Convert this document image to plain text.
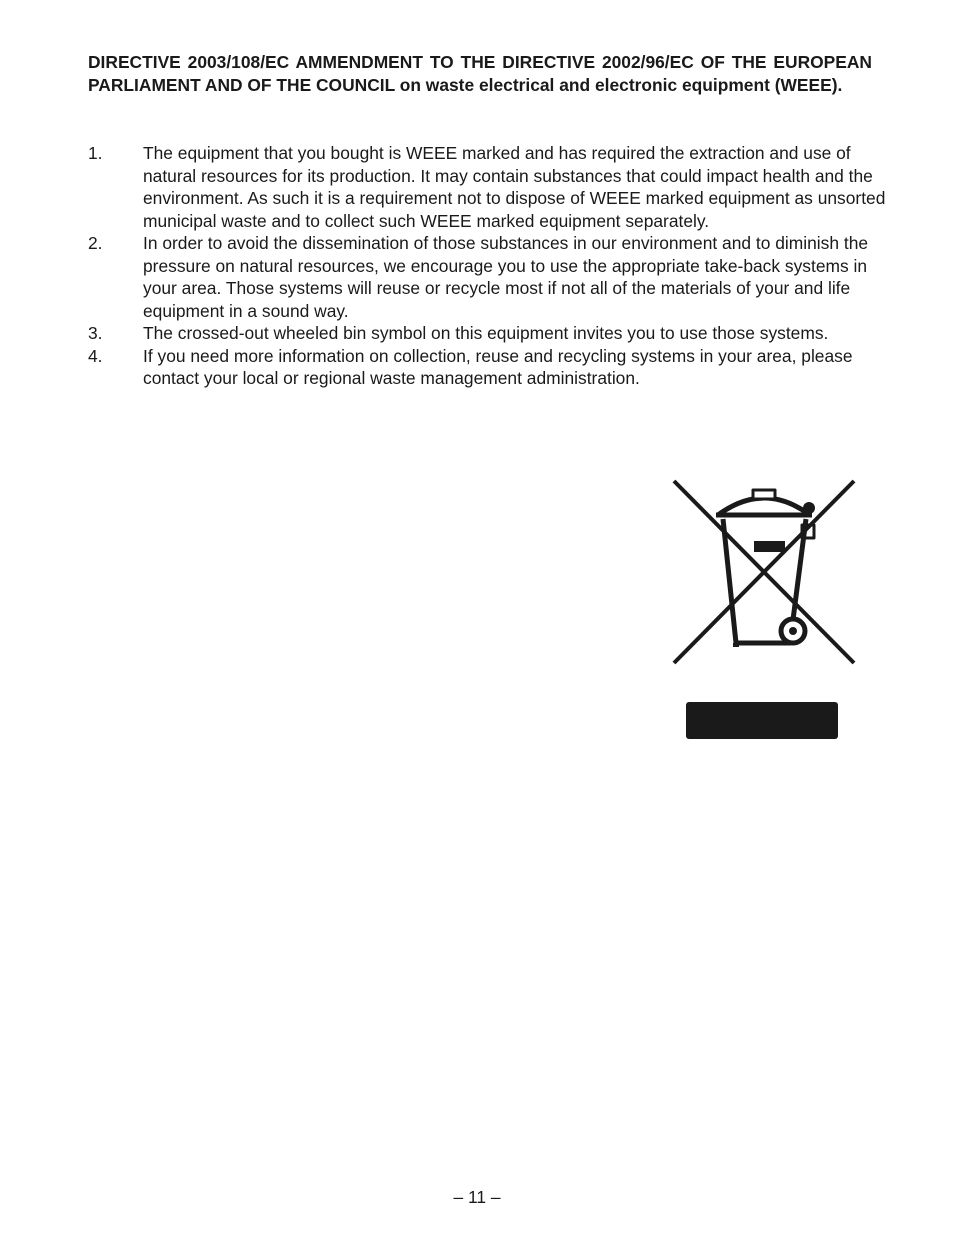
DIRECTIVE 2003/108/EC AMMENDMENT TO THE DIRECTIVE 2002/96/EC OF THE EUROPEAN PARLIAMENT AND OF THE COUNCIL on waste electrical and electronic equipment (WEEE).

1. The equipment that you bought is WEEE marked and has required the extraction and use of natural resources for its production. It may contain substances that could impact health and the environment. As such it is a requirement not to dispose of WEEE marked equipment as unsorted municipal waste and to collect such WEEE marked equipment separately.
2. In order to avoid the dissemination of those substances in our environment and to diminish the pressure on natural resources, we encourage you to use the appropriate take-back systems in your area. Those systems will reuse or recycle most if not all of the materials of your and life equipment in a sound way.
3. The crossed-out wheeled bin symbol on this equipment invites you to use those systems.
4. If you need more information on collection, reuse and recycling systems in your area, please contact your local or regional waste management administration.
– 11 –
